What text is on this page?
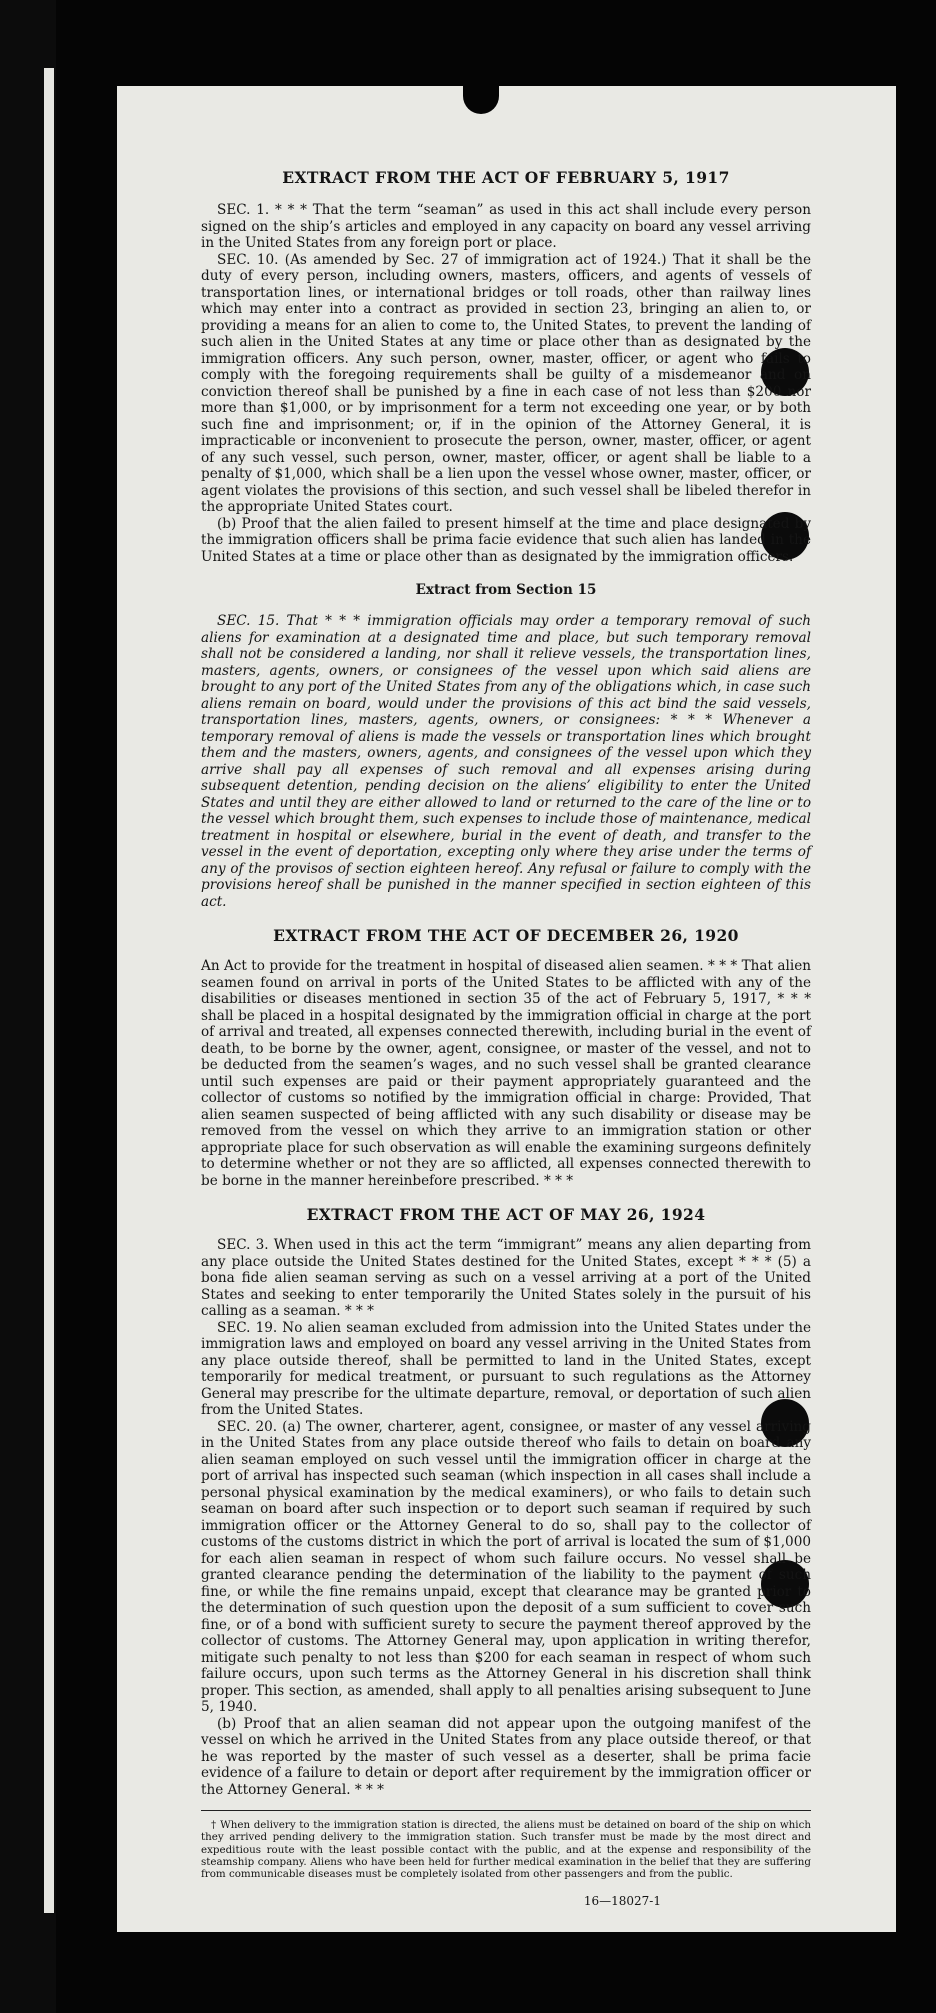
EXTRACT FROM THE ACT OF FEBRUARY 5, 1917

SEC. 1. * * * That the term “seaman” as used in this act shall include every person signed on the ship’s articles and employed in any capacity on board any vessel arriving in the United States from any foreign port or place.

SEC. 10. (As amended by Sec. 27 of immigration act of 1924.) That it shall be the duty of every person, including owners, masters, officers, and agents of vessels of transportation lines, or international bridges or toll roads, other than railway lines which may enter into a contract as provided in section 23, bringing an alien to, or providing a means for an alien to come to, the United States, to prevent the landing of such alien in the United States at any time or place other than as designated by the immigration officers. Any such person, owner, master, officer, or agent who fails to comply with the foregoing requirements shall be guilty of a misdemeanor and on conviction thereof shall be punished by a fine in each case of not less than $200 nor more than $1,000, or by imprisonment for a term not exceeding one year, or by both such fine and imprisonment; or, if in the opinion of the Attorney General, it is impracticable or inconvenient to prosecute the person, owner, master, officer, or agent of any such vessel, such person, owner, master, officer, or agent shall be liable to a penalty of $1,000, which shall be a lien upon the vessel whose owner, master, officer, or agent violates the provisions of this section, and such vessel shall be libeled therefor in the appropriate United States court.

(b) Proof that the alien failed to present himself at the time and place designated by the immigration officers shall be prima facie evidence that such alien has landed in the United States at a time or place other than as designated by the immigration officers.

Extract from Section 15

SEC. 15. That * * * immigration officials may order a temporary removal of such aliens for examination at a designated time and place, but such temporary removal shall not be considered a landing, nor shall it relieve vessels, the transportation lines, masters, agents, owners, or consignees of the vessel upon which said aliens are brought to any port of the United States from any of the obligations which, in case such aliens remain on board, would under the provisions of this act bind the said vessels, transportation lines, masters, agents, owners, or consignees: * * * Whenever a temporary removal of aliens is made the vessels or transportation lines which brought them and the masters, owners, agents, and consignees of the vessel upon which they arrive shall pay all expenses of such removal and all expenses arising during subsequent detention, pending decision on the aliens’ eligibility to enter the United States and until they are either allowed to land or returned to the care of the line or to the vessel which brought them, such expenses to include those of maintenance, medical treatment in hospital or elsewhere, burial in the event of death, and transfer to the vessel in the event of deportation, excepting only where they arise under the terms of any of the provisos of section eighteen hereof. Any refusal or failure to comply with the provisions hereof shall be punished in the manner specified in section eighteen of this act.

EXTRACT FROM THE ACT OF DECEMBER 26, 1920

An Act to provide for the treatment in hospital of diseased alien seamen. * * * That alien seamen found on arrival in ports of the United States to be afflicted with any of the disabilities or diseases mentioned in section 35 of the act of February 5, 1917, * * * shall be placed in a hospital designated by the immigration official in charge at the port of arrival and treated, all expenses connected therewith, including burial in the event of death, to be borne by the owner, agent, consignee, or master of the vessel, and not to be deducted from the seamen’s wages, and no such vessel shall be granted clearance until such expenses are paid or their payment appropriately guaranteed and the collector of customs so notified by the immigration official in charge: Provided, That alien seamen suspected of being afflicted with any such disability or disease may be removed from the vessel on which they arrive to an immigration station or other appropriate place for such observation as will enable the examining surgeons definitely to determine whether or not they are so afflicted, all expenses connected therewith to be borne in the manner hereinbefore prescribed. * * *

EXTRACT FROM THE ACT OF MAY 26, 1924

SEC. 3. When used in this act the term “immigrant” means any alien departing from any place outside the United States destined for the United States, except * * * (5) a bona fide alien seaman serving as such on a vessel arriving at a port of the United States and seeking to enter temporarily the United States solely in the pursuit of his calling as a seaman. * * *

SEC. 19. No alien seaman excluded from admission into the United States under the immigration laws and employed on board any vessel arriving in the United States from any place outside thereof, shall be permitted to land in the United States, except temporarily for medical treatment, or pursuant to such regulations as the Attorney General may prescribe for the ultimate departure, removal, or deportation of such alien from the United States.

SEC. 20. (a) The owner, charterer, agent, consignee, or master of any vessel arriving in the United States from any place outside thereof who fails to detain on board any alien seaman employed on such vessel until the immigration officer in charge at the port of arrival has inspected such seaman (which inspection in all cases shall include a personal physical examination by the medical examiners), or who fails to detain such seaman on board after such inspection or to deport such seaman if required by such immigration officer or the Attorney General to do so, shall pay to the collector of customs of the customs district in which the port of arrival is located the sum of $1,000 for each alien seaman in respect of whom such failure occurs. No vessel shall be granted clearance pending the determination of the liability to the payment of such fine, or while the fine remains unpaid, except that clearance may be granted prior to the determination of such question upon the deposit of a sum sufficient to cover such fine, or of a bond with sufficient surety to secure the payment thereof approved by the collector of customs. The Attorney General may, upon application in writing therefor, mitigate such penalty to not less than $200 for each seaman in respect of whom such failure occurs, upon such terms as the Attorney General in his discretion shall think proper. This section, as amended, shall apply to all penalties arising subsequent to June 5, 1940.

(b) Proof that an alien seaman did not appear upon the outgoing manifest of the vessel on which he arrived in the United States from any place outside thereof, or that he was reported by the master of such vessel as a deserter, shall be prima facie evidence of a failure to detain or deport after requirement by the immigration officer or the Attorney General. * * *

† When delivery to the immigration station is directed, the aliens must be detained on board of the ship on which they arrived pending delivery to the immigration station. Such transfer must be made by the most direct and expeditious route with the least possible contact with the public, and at the expense and responsibility of the steamship company. Aliens who have been held for further medical examination in the belief that they are suffering from communicable diseases must be completely isolated from other passengers and from the public.

16—18027-1
